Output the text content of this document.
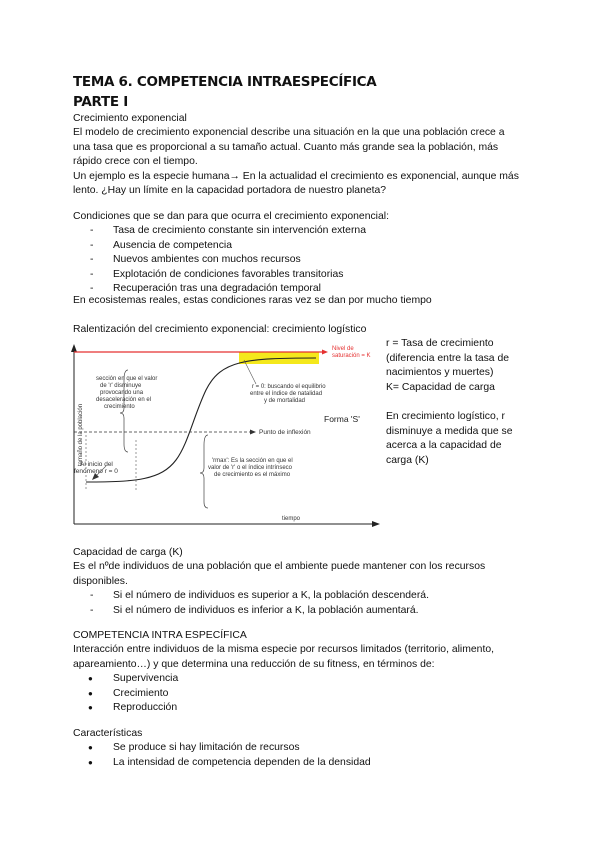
TEMA 6. COMPETENCIA INTRAESPECÍFICA
PARTE I
Crecimiento exponencial
El modelo de crecimiento exponencial describe una situación en la que una población crece a
una tasa que es proporcional a su tamaño actual. Cuanto más grande sea la población, más
rápido crece con el tiempo.
Un ejemplo es la especie humana→ En la actualidad el crecimiento es exponencial, aunque más
lento. ¿Hay un límite en la capacidad portadora de nuestro planeta?
Condiciones que se dan para que ocurra el crecimiento exponencial:
- Tasa de crecimiento constante sin intervención externa
- Ausencia de competencia
- Nuevos ambientes con muchos recursos
- Explotación de condiciones favorables transitorias
- Recuperación tras una degradación temporal
En ecosistemas reales, estas condiciones raras vez se dan por mucho tiempo
Ralentización del crecimiento exponencial: crecimiento logístico
tamaño de la población
tiempo
Nivel de
saturación = K
Punto de inflexión
Forma 'S'
sección en que el valor
de 'r' disminuye
provocando una
desaceleración en el
crecimiento
r = 0: buscando el equilibrio
entre el índice de natalidad
y de mortalidad
Al inicio del
fenómeno r = 0
'rmax': Es la sección en que el
valor de 'r' o el índice intrínseco
de crecimiento es el máximo
r = Tasa de crecimiento
(diferencia entre la tasa de
nacimientos y muertes)
K= Capacidad de carga
En crecimiento logístico, r
disminuye a medida que se
acerca a la capacidad de
carga (K)
Capacidad de carga (K)
Es el nºde individuos de una población que el ambiente puede mantener con los recursos
disponibles.
- Si el número de individuos es superior a K, la población descenderá.
- Si el número de individuos es inferior a K, la población aumentará.
COMPETENCIA INTRA ESPECÍFICA
Interacción entre individuos de la misma especie por recursos limitados (territorio, alimento,
apareamiento…) y que determina una reducción de su fitness, en términos de:
● Supervivencia
● Crecimiento
● Reproducción
Características
● Se produce si hay limitación de recursos
● La intensidad de competencia dependen de la densidad
